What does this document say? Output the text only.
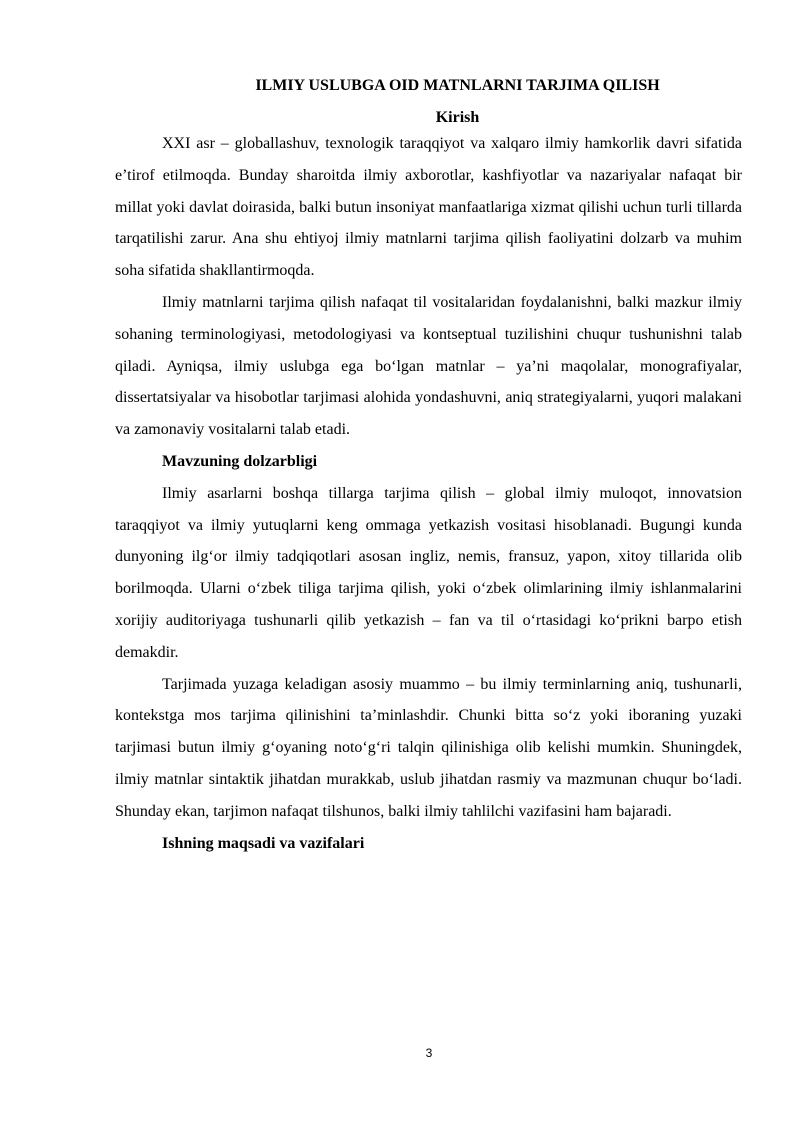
ILMIY USLUBGA OID MATNLARNI TARJIMA QILISH
Kirish

XXI asr – globallashuv, texnologik taraqqiyot va xalqaro ilmiy hamkorlik davri sifatida e’tirof etilmoqda. Bunday sharoitda ilmiy axborotlar, kashfiyotlar va nazariyalar nafaqat bir millat yoki davlat doirasida, balki butun insoniyat manfaatlariga xizmat qilishi uchun turli tillarda tarqatilishi zarur. Ana shu ehtiyoj ilmiy matnlarni tarjima qilish faoliyatini dolzarb va muhim soha sifatida shakllantirmoqda.

Ilmiy matnlarni tarjima qilish nafaqat til vositalaridan foydalanishni, balki mazkur ilmiy sohaning terminologiyasi, metodologiyasi va kontseptual tuzilishini chuqur tushunishni talab qiladi. Ayniqsa, ilmiy uslubga ega bo‘lgan matnlar – ya’ni maqolalar, monografiyalar, dissertatsiyalar va hisobotlar tarjimasi alohida yondashuvni, aniq strategiyalarni, yuqori malakani va zamonaviy vositalarni talab etadi.

Mavzuning dolzarbligi

Ilmiy asarlarni boshqa tillarga tarjima qilish – global ilmiy muloqot, innovatsion taraqqiyot va ilmiy yutuqlarni keng ommaga yetkazish vositasi hisoblanadi. Bugungi kunda dunyoning ilg‘or ilmiy tadqiqotlari asosan ingliz, nemis, fransuz, yapon, xitoy tillarida olib borilmoqda. Ularni o‘zbek tiliga tarjima qilish, yoki o‘zbek olimlarining ilmiy ishlanmalarini xorijiy auditoriyaga tushunarli qilib yetkazish – fan va til o‘rtasidagi ko‘prikni barpo etish demakdir.

Tarjimada yuzaga keladigan asosiy muammo – bu ilmiy terminlarning aniq, tushunarli, kontekstga mos tarjima qilinishini ta’minlashdir. Chunki bitta so‘z yoki iboraning yuzaki tarjimasi butun ilmiy g‘oyaning noto‘g‘ri talqin qilinishiga olib kelishi mumkin. Shuningdek, ilmiy matnlar sintaktik jihatdan murakkab, uslub jihatdan rasmiy va mazmunan chuqur bo‘ladi. Shunday ekan, tarjimon nafaqat tilshunos, balki ilmiy tahlilchi vazifasini ham bajaradi.

Ishning maqsadi va vazifalari

3
